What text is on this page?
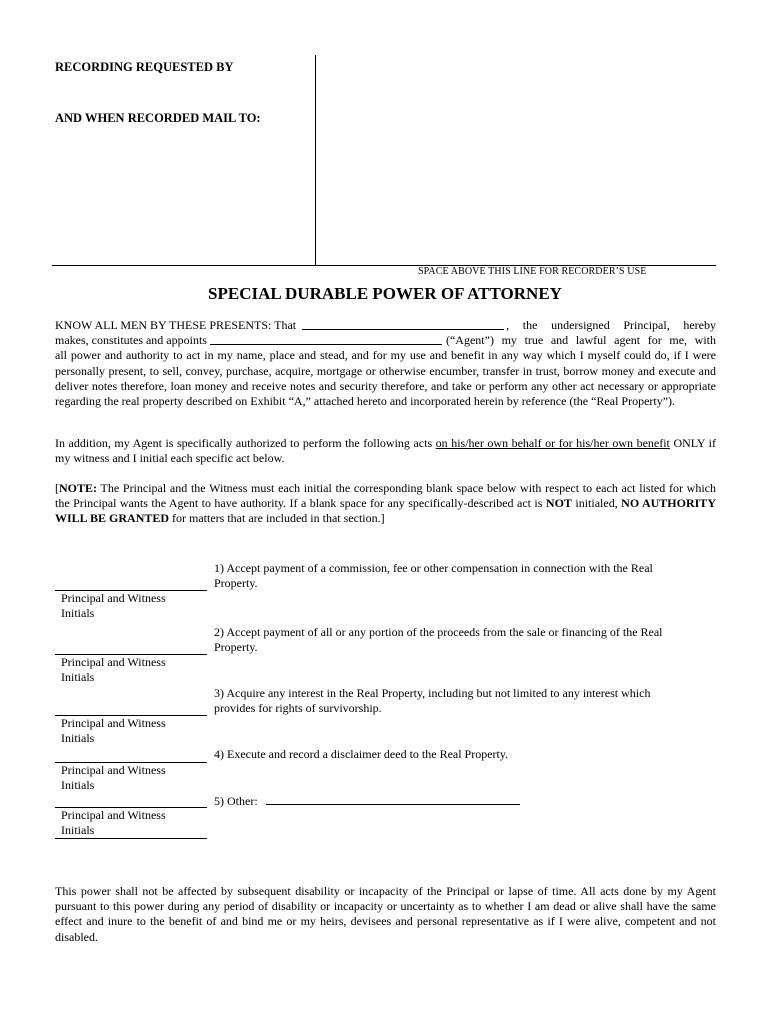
RECORDING REQUESTED BY
AND WHEN RECORDED MAIL TO:
SPACE ABOVE THIS LINE FOR RECORDER’S USE
SPECIAL DURABLE POWER OF ATTORNEY
KNOW ALL MEN BY THESE PRESENTS: That	, the undersigned Principal, hereby
makes, constitutes and appoints	(“Agent”) my true and lawful agent for me, with
all power and authority to act in my name, place and stead, and for my use and benefit in any way which I myself could do, if I were personally present, to sell, convey, purchase, acquire, mortgage or otherwise encumber, transfer in trust, borrow money and execute and deliver notes therefore, loan money and receive notes and security therefore, and take or perform any other act necessary or appropriate regarding the real property described on Exhibit “A,” attached hereto and incorporated herein by reference (the “Real Property”).
In addition, my Agent is specifically authorized to perform the following acts on his/her own behalf or for his/her own benefit ONLY if my witness and I initial each specific act below.
[NOTE: The Principal and the Witness must each initial the corresponding blank space below with respect to each act listed for which the Principal wants the Agent to have authority. If a blank space for any specifically-described act is NOT initialed, NO AUTHORITY WILL BE GRANTED for matters that are included in that section.]
Principal and Witness
Initials
Principal and Witness
Initials
Principal and Witness
Initials
Principal and Witness
Initials
Principal and Witness
Initials
1) Accept payment of a commission, fee or other compensation in connection with the Real Property.
2) Accept payment of all or any portion of the proceeds from the sale or financing of the Real Property.
3) Acquire any interest in the Real Property, including but not limited to any interest which provides for rights of survivorship.
4) Execute and record a disclaimer deed to the Real Property.
5) Other:
This power shall not be affected by subsequent disability or incapacity of the Principal or lapse of time. All acts done by my Agent pursuant to this power during any period of disability or incapacity or uncertainty as to whether I am dead or alive shall have the same effect and inure to the benefit of and bind me or my heirs, devisees and personal representative as if I were alive, competent and not disabled.
